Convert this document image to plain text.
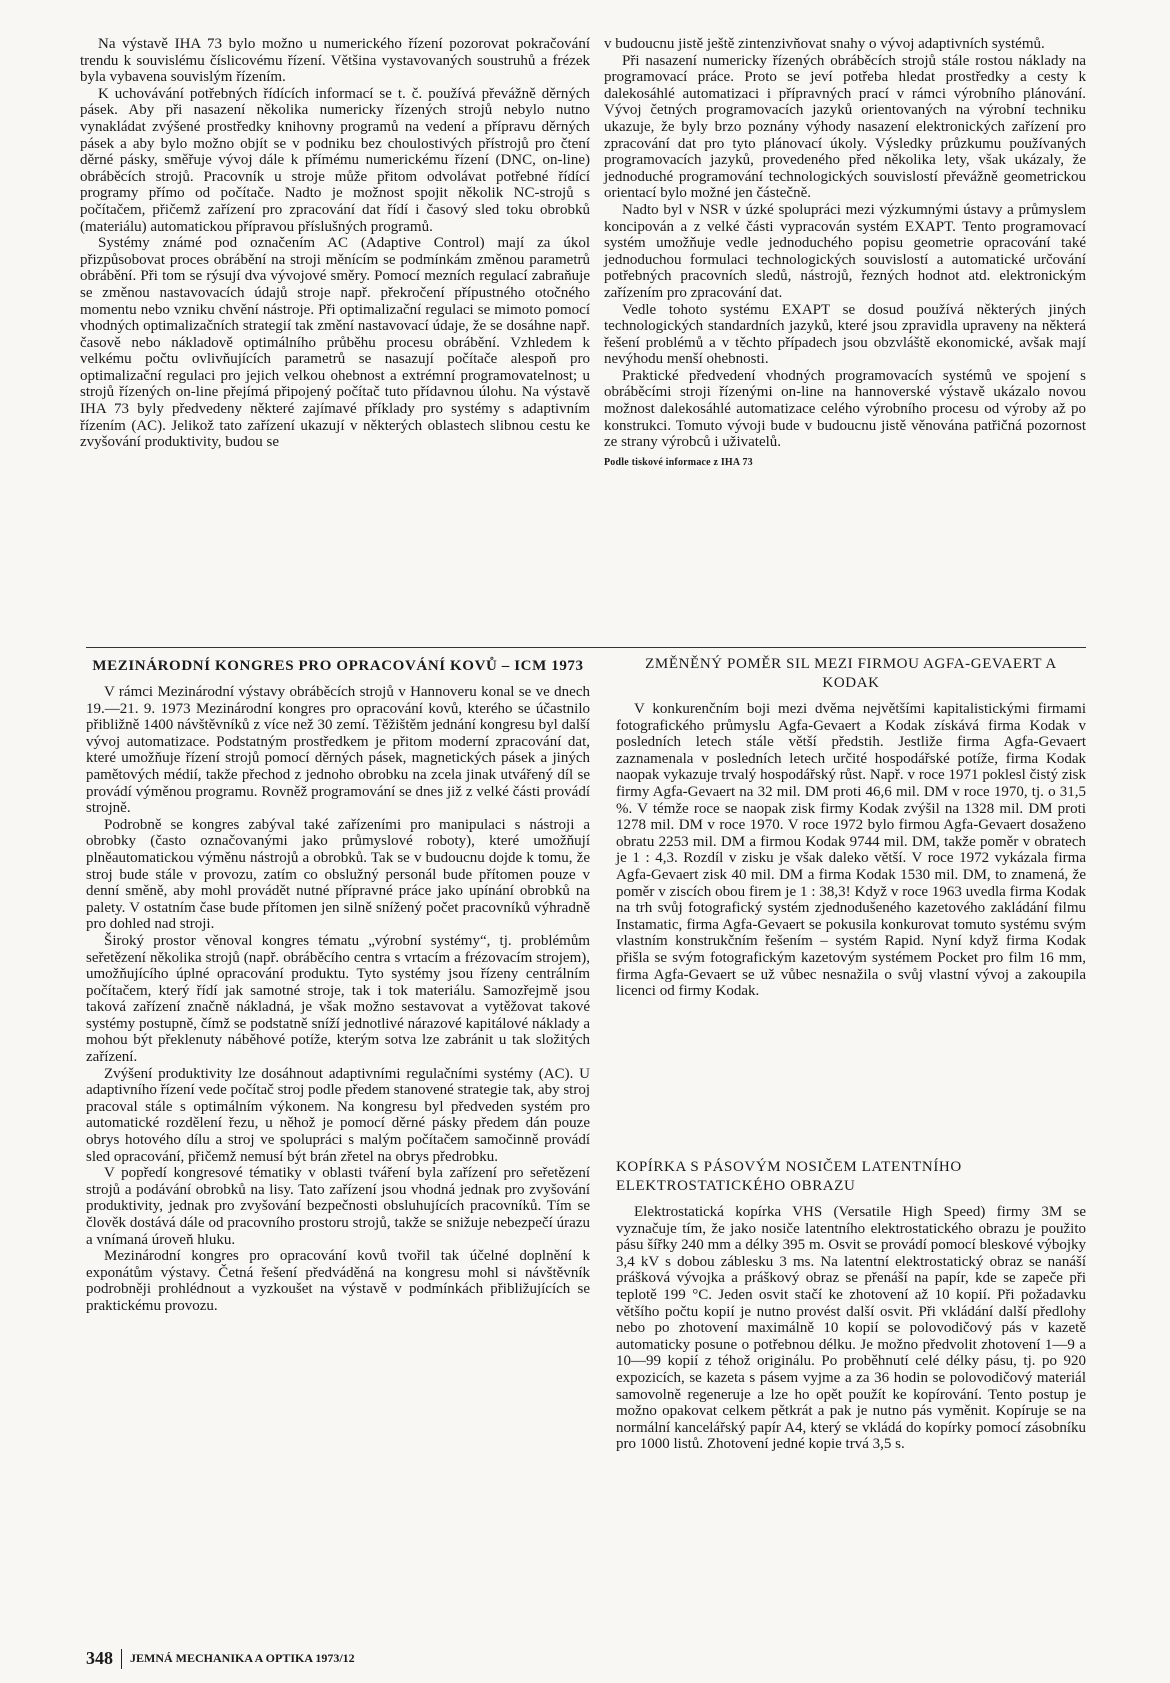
Na výstavě IHA 73 bylo možno u numerického řízení pozorovat pokračování trendu k souvislému číslicovému řízení. Většina vystavovaných soustruhů a frézek byla vybavena souvislým řízením.

K uchovávání potřebných řídících informací se t. č. používá převážně děrných pásek. Aby při nasazení několika numericky řízených strojů nebylo nutno vynakládat zvýšené prostředky knihovny programů na vedení a přípravu děrných pásek a aby bylo možno objít se v podniku bez choulostivých přístrojů pro čtení děrné pásky, směřuje vývoj dále k přímému numerickému řízení (DNC, on-line) obráběcích strojů. Pracovník u stroje může přitom odvolávat potřebné řídící programy přímo od počítače. Nadto je možnost spojit několik NC-strojů s počítačem, přičemž zařízení pro zpracování dat řídí i časový sled toku obrobků (materiálu) automatickou přípravou příslušných programů.

Systémy známé pod označením AC (Adaptive Control) mají za úkol přizpůsobovat proces obrábění na stroji měnícím se podmínkám změnou parametrů obrábění. Při tom se rýsují dva vývojové směry. Pomocí mezních regulací zabraňuje se změnou nastavovacích údajů stroje např. překročení přípustného otočného momentu nebo vzniku chvění nástroje. Při optimalizační regulaci se mimoto pomocí vhodných optimalizačních strategií tak změní nastavovací údaje, že se dosáhne např. časově nebo nákladově optimálního průběhu procesu obrábění. Vzhledem k velkému počtu ovlivňujících parametrů se nasazují počítače alespoň pro optimalizační regulaci pro jejich velkou ohebnost a extrémní programovatelnost; u strojů řízených on-line přejímá připojený počítač tuto přídavnou úlohu. Na výstavě IHA 73 byly předvedeny některé zajímavé příklady pro systémy s adaptivním řízením (AC). Jelikož tato zařízení ukazují v některých oblastech slibnou cestu ke zvyšování produktivity, budou se

v budoucnu jistě ještě zintenzivňovat snahy o vývoj adaptivních systémů.

Při nasazení numericky řízených obráběcích strojů stále rostou náklady na programovací práce. Proto se jeví potřeba hledat prostředky a cesty k dalekosáhlé automatizaci i přípravných prací v rámci výrobního plánování. Vývoj četných programovacích jazyků orientovaných na výrobní techniku ukazuje, že byly brzo poznány výhody nasazení elektronických zařízení pro zpracování dat pro tyto plánovací úkoly. Výsledky průzkumu používaných programovacích jazyků, provedeného před několika lety, však ukázaly, že jednoduché programování technologických souvislostí převážně geometrickou orientací bylo možné jen částečně.

Nadto byl v NSR v úzké spolupráci mezi výzkumnými ústavy a průmyslem koncipován a z velké části vypracován systém EXAPT. Tento programovací systém umožňuje vedle jednoduchého popisu geometrie opracování také jednoduchou formulaci technologických souvislostí a automatické určování potřebných pracovních sledů, nástrojů, řezných hodnot atd. elektronickým zařízením pro zpracování dat.

Vedle tohoto systému EXAPT se dosud používá některých jiných technologických standardních jazyků, které jsou zpravidla upraveny na některá řešení problémů a v těchto případech jsou obzvláště ekonomické, avšak mají nevýhodu menší ohebnosti.

Praktické předvedení vhodných programovacích systémů ve spojení s obráběcími stroji řízenými on-line na hannoverské výstavě ukázalo novou možnost dalekosáhlé automatizace celého výrobního procesu od výroby až po konstrukci. Tomuto vývoji bude v budoucnu jistě věnována patřičná pozornost ze strany výrobců i uživatelů.

Podle tiskové informace z IHA 73

MEZINÁRODNÍ KONGRES PRO OPRACOVÁNÍ KOVŮ – ICM 1973

V rámci Mezinárodní výstavy obráběcích strojů v Hannoveru konal se ve dnech 19.—21. 9. 1973 Mezinárodní kongres pro opracování kovů, kterého se účastnilo přibližně 1400 návštěvníků z více než 30 zemí. Těžištěm jednání kongresu byl další vývoj automatizace. Podstatným prostředkem je přitom moderní zpracování dat, které umožňuje řízení strojů pomocí děrných pásek, magnetických pásek a jiných pamětových médií, takže přechod z jednoho obrobku na zcela jinak utvářený díl se provádí výměnou programu. Rovněž programování se dnes již z velké části provádí strojně.

Podrobně se kongres zabýval také zařízeními pro manipulaci s nástroji a obrobky (často označovanými jako průmyslové roboty), které umožňují plněautomatickou výměnu nástrojů a obrobků. Tak se v budoucnu dojde k tomu, že stroj bude stále v provozu, zatím co obslužný personál bude přítomen pouze v denní směně, aby mohl provádět nutné přípravné práce jako upínání obrobků na palety. V ostatním čase bude přítomen jen silně snížený počet pracovníků výhradně pro dohled nad stroji.

Široký prostor věnoval kongres tématu „výrobní systémy“, tj. problémům seřetězení několika strojů (např. obráběcího centra s vrtacím a frézovacím strojem), umožňujícího úplné opracování produktu. Tyto systémy jsou řízeny centrálním počítačem, který řídí jak samotné stroje, tak i tok materiálu. Samozřejmě jsou taková zařízení značně nákladná, je však možno sestavovat a vytěžovat takové systémy postupně, čímž se podstatně sníží jednotlivé nárazové kapitálové náklady a mohou být překlenuty náběhové potíže, kterým sotva lze zabránit u tak složitých zařízení.

Zvýšení produktivity lze dosáhnout adaptivními regulačními systémy (AC). U adaptivního řízení vede počítač stroj podle předem stanovené strategie tak, aby stroj pracoval stále s optimálním výkonem. Na kongresu byl předveden systém pro automatické rozdělení řezu, u něhož je pomocí děrné pásky předem dán pouze obrys hotového dílu a stroj ve spolupráci s malým počítačem samočinně provádí sled opracování, přičemž nemusí být brán zřetel na obrys předrobku.

V popředí kongresové tématiky v oblasti tváření byla zařízení pro seřetězení strojů a podávání obrobků na lisy. Tato zařízení jsou vhodná jednak pro zvyšování produktivity, jednak pro zvyšování bezpečnosti obsluhujících pracovníků. Tím se člověk dostává dále od pracovního prostoru strojů, takže se snižuje nebezpečí úrazu a vnímaná úroveň hluku.

Mezinárodní kongres pro opracování kovů tvořil tak účelné doplnění k exponátům výstavy. Četná řešení předváděná na kongresu mohl si návštěvník podrobněji prohlédnout a vyzkoušet na výstavě v podmínkách přibližujících se praktickému provozu.

ZMĚNĚNÝ POMĚR SIL MEZI FIRMOU AGFA-GEVAERT A KODAK

V konkurenčním boji mezi dvěma největšími kapitalistickými firmami fotografického průmyslu Agfa-Gevaert a Kodak získává firma Kodak v posledních letech stále větší předstih. Jestliže firma Agfa-Gevaert zaznamenala v posledních letech určité hospodářské potíže, firma Kodak naopak vykazuje trvalý hospodářský růst. Např. v roce 1971 poklesl čistý zisk firmy Agfa-Gevaert na 32 mil. DM proti 46,6 mil. DM v roce 1970, tj. o 31,5 %. V témže roce se naopak zisk firmy Kodak zvýšil na 1328 mil. DM proti 1278 mil. DM v roce 1970. V roce 1972 bylo firmou Agfa-Gevaert dosaženo obratu 2253 mil. DM a firmou Kodak 9744 mil. DM, takže poměr v obratech je 1 : 4,3. Rozdíl v zisku je však daleko větší. V roce 1972 vykázala firma Agfa-Gevaert zisk 40 mil. DM a firma Kodak 1530 mil. DM, to znamená, že poměr v ziscích obou firem je 1 : 38,3! Když v roce 1963 uvedla firma Kodak na trh svůj fotografický systém zjednodušeného kazetového zakládání filmu Instamatic, firma Agfa-Gevaert se pokusila konkurovat tomuto systému svým vlastním konstrukčním řešením – systém Rapid. Nyní když firma Kodak přišla se svým fotografickým kazetovým systémem Pocket pro film 16 mm, firma Agfa-Gevaert se už vůbec nesnažila o svůj vlastní vývoj a zakoupila licenci od firmy Kodak.

KOPÍRKA S PÁSOVÝM NOSIČEM LATENTNÍHO ELEKTROSTATICKÉHO OBRAZU

Elektrostatická kopírka VHS (Versatile High Speed) firmy 3M se vyznačuje tím, že jako nosiče latentního elektrostatického obrazu je použito pásu šířky 240 mm a délky 395 m. Osvit se provádí pomocí bleskové výbojky 3,4 kV s dobou záblesku 3 ms. Na latentní elektrostatický obraz se nanáší prášková vývojka a práškový obraz se přenáší na papír, kde se zapeče při teplotě 199 °C. Jeden osvit stačí ke zhotovení až 10 kopií. Při požadavku většího počtu kopií je nutno provést další osvit. Při vkládání další předlohy nebo po zhotovení maximálně 10 kopií se polovodičový pás v kazetě automaticky posune o potřebnou délku. Je možno předvolit zhotovení 1—9 a 10—99 kopií z téhož originálu. Po proběhnutí celé délky pásu, tj. po 920 expozicích, se kazeta s pásem vyjme a za 36 hodin se polovodičový materiál samovolně regeneruje a lze ho opět použít ke kopírování. Tento postup je možno opakovat celkem pětkrát a pak je nutno pás vyměnit. Kopíruje se na normální kancelářský papír A4, který se vkládá do kopírky pomocí zásobníku pro 1000 listů. Zhotovení jedné kopie trvá 3,5 s.

348 JEMNÁ MECHANIKA A OPTIKA 1973/12
